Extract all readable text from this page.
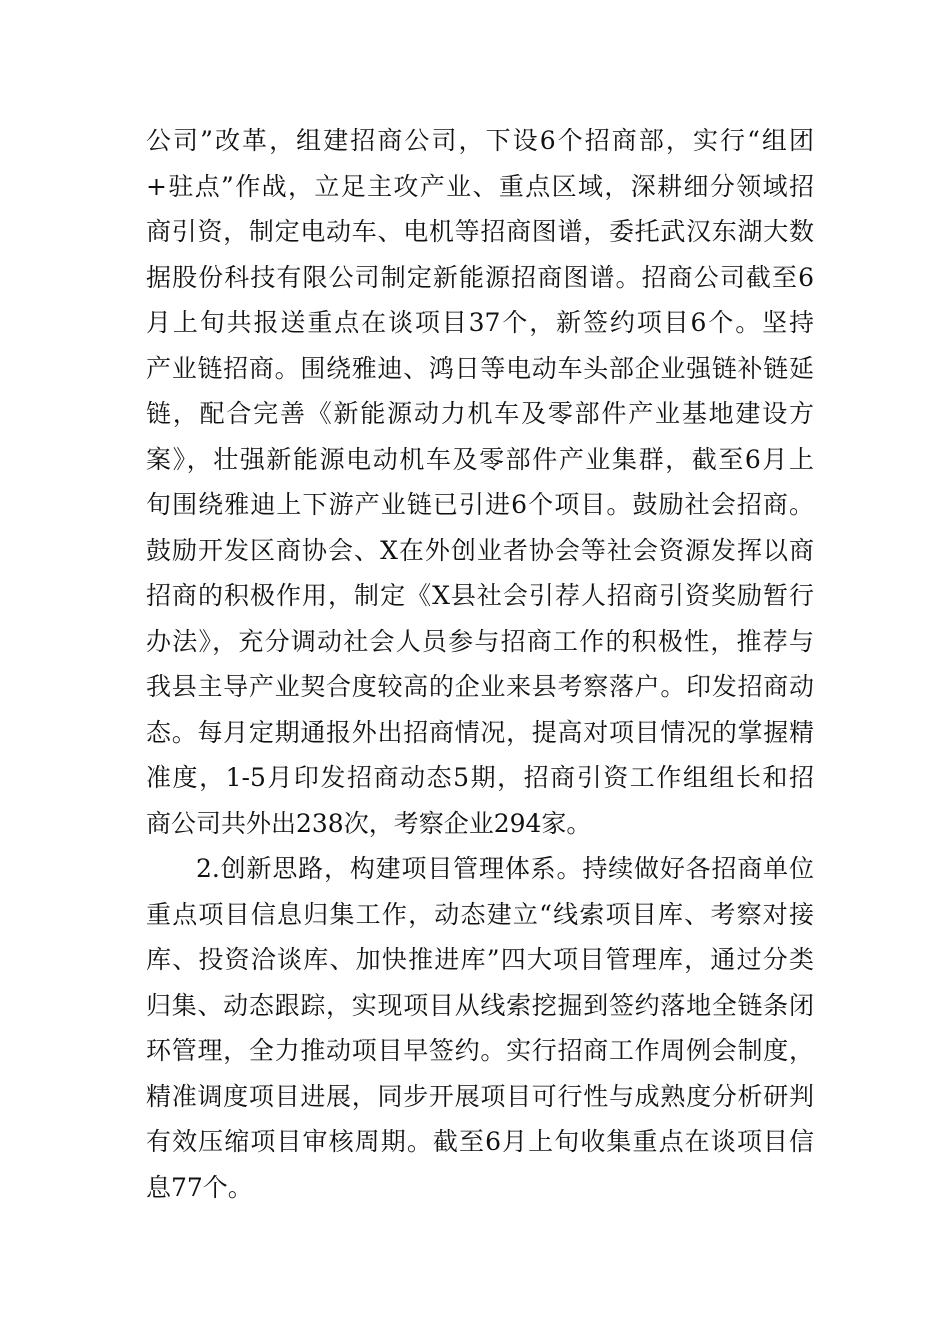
公司”改革，组建招商公司，下设6个招商部，实行“组团
+驻点”作战，立足主攻产业、重点区域，深耕细分领域招
商引资，制定电动车、电机等招商图谱，委托武汉东湖大数
据股份科技有限公司制定新能源招商图谱。招商公司截至6
月上旬共报送重点在谈项目37个，新签约项目6个。坚持
产业链招商。围绕雅迪、鸿日等电动车头部企业强链补链延
链，配合完善《新能源动力机车及零部件产业基地建设方
案》，壮强新能源电动机车及零部件产业集群，截至6月上
旬围绕雅迪上下游产业链已引进6个项目。鼓励社会招商。
鼓励开发区商协会、X在外创业者协会等社会资源发挥以商
招商的积极作用，制定《X县社会引荐人招商引资奖励暂行
办法》，充分调动社会人员参与招商工作的积极性，推荐与
我县主导产业契合度较高的企业来县考察落户。印发招商动
态。每月定期通报外出招商情况，提高对项目情况的掌握精
准度，1-5月印发招商动态5期，招商引资工作组组长和招
商公司共外出238次，考察企业294家。
2.创新思路，构建项目管理体系。持续做好各招商单位
重点项目信息归集工作，动态建立“线索项目库、考察对接
库、投资洽谈库、加快推进库”四大项目管理库，通过分类
归集、动态跟踪，实现项目从线索挖掘到签约落地全链条闭
环管理，全力推动项目早签约。实行招商工作周例会制度，
精准调度项目进展，同步开展项目可行性与成熟度分析研判
有效压缩项目审核周期。截至6月上旬收集重点在谈项目信
息77个。
